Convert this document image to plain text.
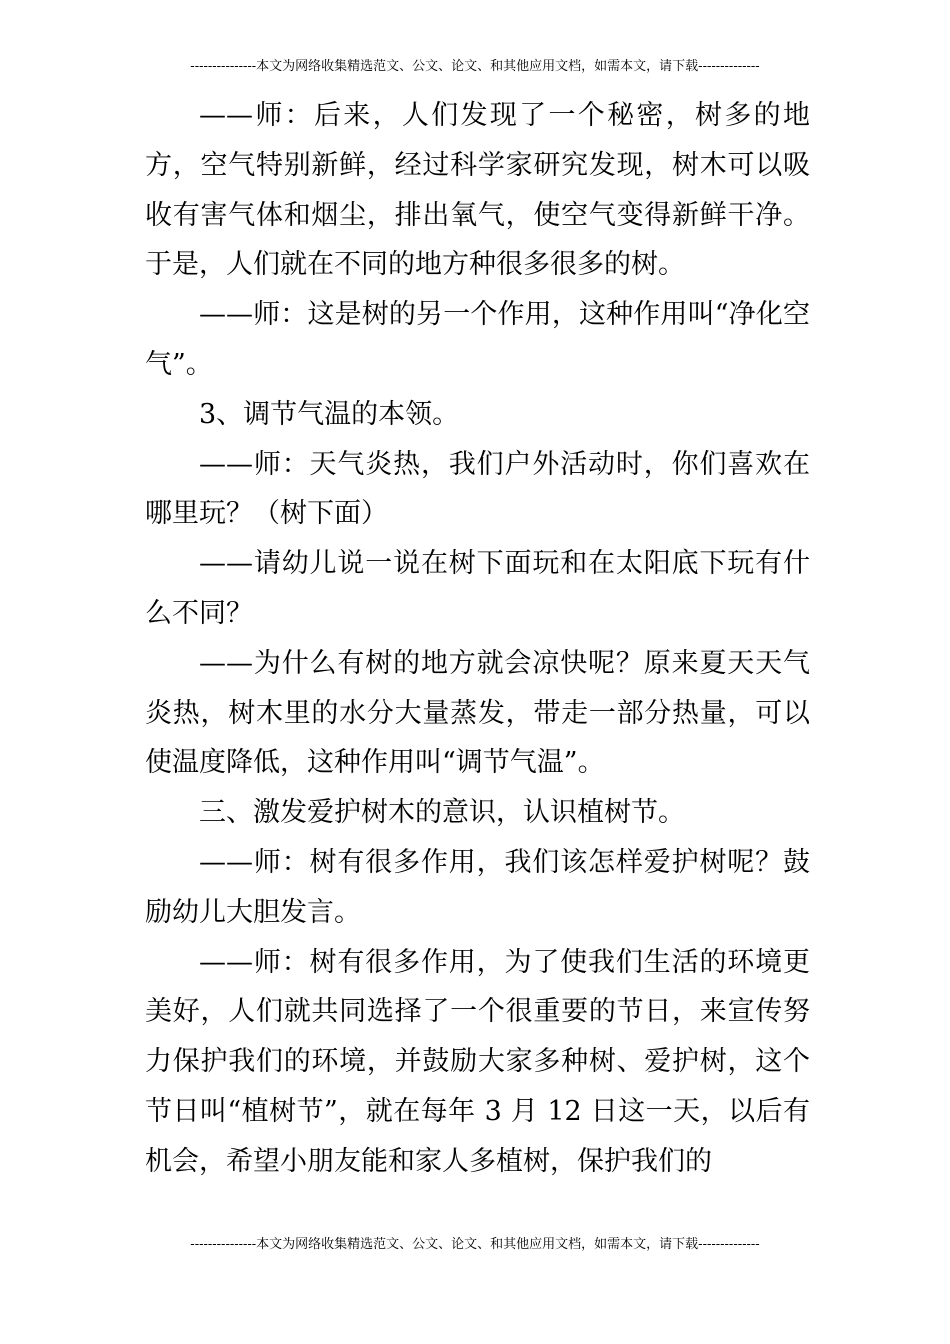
---------------本文为网络收集精选范文、公文、论文、和其他应用文档，如需本文，请下载--------------

——师：后来，人们发现了一个秘密，树多的地方，空气特别新鲜，经过科学家研究发现，树木可以吸收有害气体和烟尘，排出氧气，使空气变得新鲜干净。于是，人们就在不同的地方种很多很多的树。

——师：这是树的另一个作用，这种作用叫“净化空气”。

3、调节气温的本领。

——师：天气炎热，我们户外活动时，你们喜欢在哪里玩？（树下面）

——请幼儿说一说在树下面玩和在太阳底下玩有什么不同？

——为什么有树的地方就会凉快呢？原来夏天天气炎热，树木里的水分大量蒸发，带走一部分热量，可以使温度降低，这种作用叫“调节气温”。

三、激发爱护树木的意识，认识植树节。

——师：树有很多作用，我们该怎样爱护树呢？鼓励幼儿大胆发言。

——师：树有很多作用，为了使我们生活的环境更美好，人们就共同选择了一个很重要的节日，来宣传努力保护我们的环境，并鼓励大家多种树、爱护树，这个节日叫“植树节”，就在每年 3 月 12 日这一天，以后有机会，希望小朋友能和家人多植树，保护我们的

---------------本文为网络收集精选范文、公文、论文、和其他应用文档，如需本文，请下载--------------
